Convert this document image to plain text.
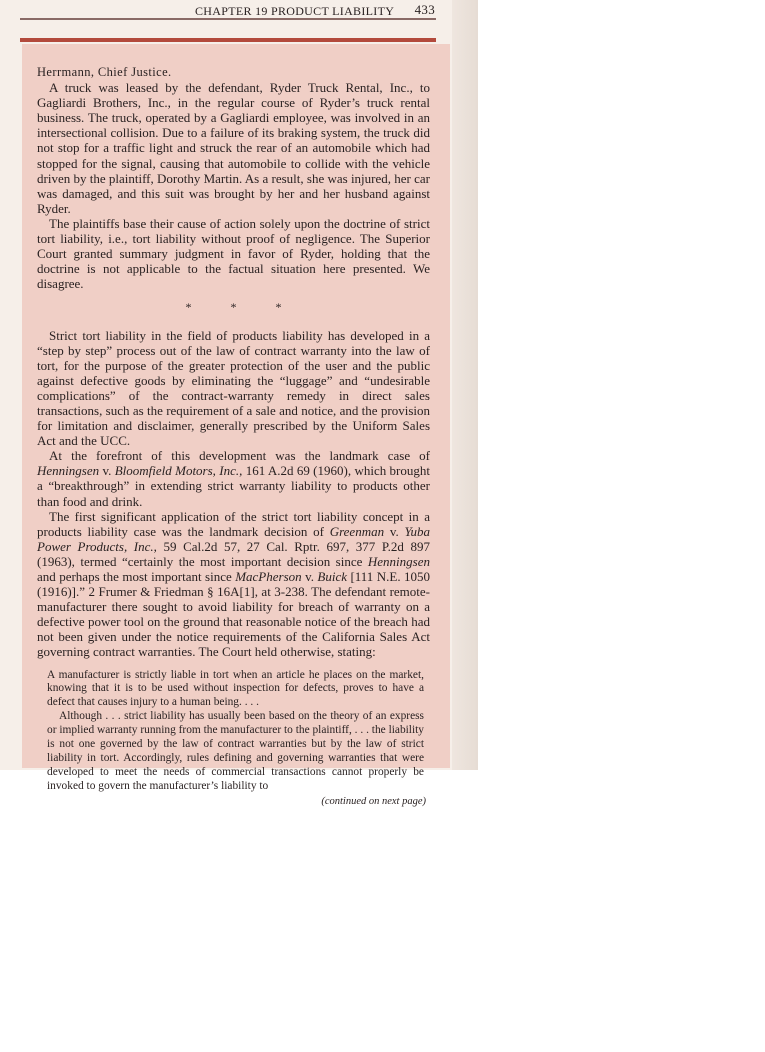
CHAPTER 19 PRODUCT LIABILITY 433

Herrmann, Chief Justice.

A truck was leased by the defendant, Ryder Truck Rental, Inc., to Gagliardi Brothers, Inc., in the regular course of Ryder’s truck rental business. The truck, operated by a Gagliardi employee, was involved in an intersectional collision. Due to a failure of its braking system, the truck did not stop for a traffic light and struck the rear of an automobile which had stopped for the signal, causing that automobile to collide with the vehicle driven by the plaintiff, Dorothy Martin. As a result, she was injured, her car was damaged, and this suit was brought by her and her husband against Ryder.

The plaintiffs base their cause of action solely upon the doctrine of strict tort liability, i.e., tort liability without proof of negligence. The Superior Court granted summary judgment in favor of Ryder, holding that the doctrine is not applicable to the factual situation here presented. We disagree.

* * *

Strict tort liability in the field of products liability has developed in a “step by step” process out of the law of contract warranty into the law of tort, for the purpose of the greater protection of the user and the public against defective goods by eliminating the “luggage” and “undesirable complications” of the contract-warranty remedy in direct sales transactions, such as the requirement of a sale and notice, and the provision for limitation and disclaimer, generally prescribed by the Uniform Sales Act and the UCC.

At the forefront of this development was the landmark case of Henningsen v. Bloomfield Motors, Inc., 161 A.2d 69 (1960), which brought a “breakthrough” in extending strict warranty liability to products other than food and drink.

The first significant application of the strict tort liability concept in a products liability case was the landmark decision of Greenman v. Yuba Power Products, Inc., 59 Cal.2d 57, 27 Cal. Rptr. 697, 377 P.2d 897 (1963), termed “certainly the most important decision since Henningsen and perhaps the most important since MacPherson v. Buick [111 N.E. 1050 (1916)].” 2 Frumer & Friedman § 16A[1], at 3-238. The defendant remote-manufacturer there sought to avoid liability for breach of warranty on a defective power tool on the ground that reasonable notice of the breach had not been given under the notice requirements of the California Sales Act governing contract warranties. The Court held otherwise, stating:

A manufacturer is strictly liable in tort when an article he places on the market, knowing that it is to be used without inspection for defects, proves to have a defect that causes injury to a human being. . . .

Although . . . strict liability has usually been based on the theory of an express or implied warranty running from the manufacturer to the plaintiff, . . . the liability is not one governed by the law of contract warranties but by the law of strict liability in tort. Accordingly, rules defining and governing warranties that were developed to meet the needs of commercial transactions cannot properly be invoked to govern the manufacturer’s liability to

(continued on next page)
